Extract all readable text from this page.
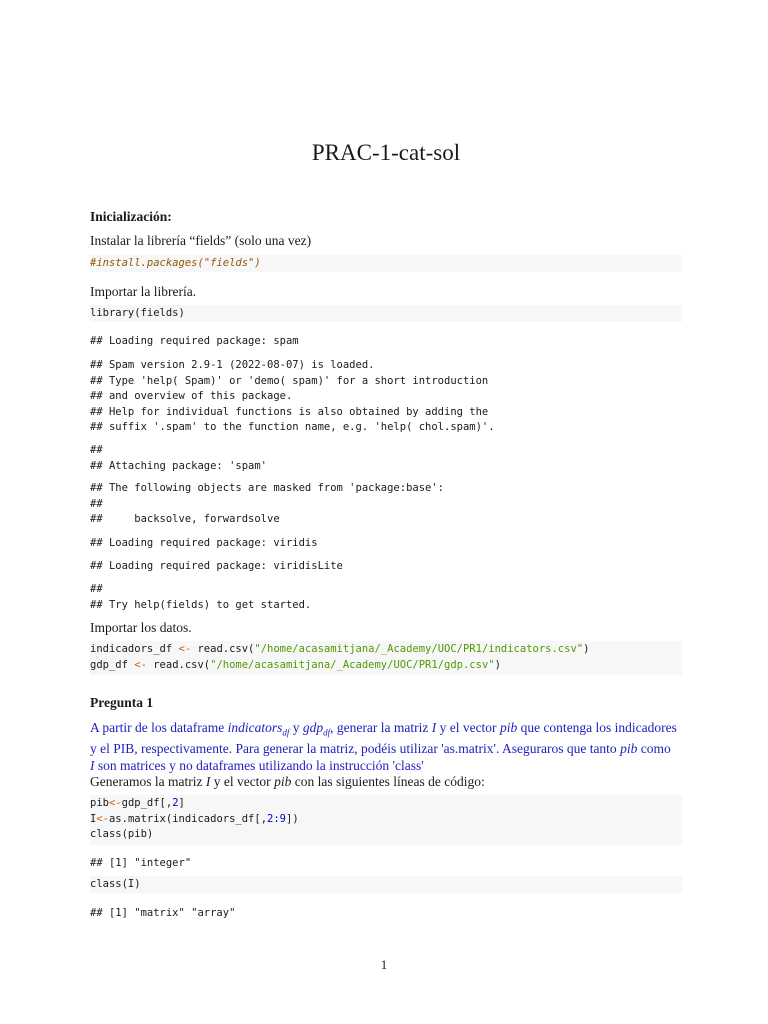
PRAC-1-cat-sol
Inicialización:
Instalar la librería “fields” (solo una vez)
#install.packages("fields")
Importar la librería.
library(fields)
## Loading required package: spam
## Spam version 2.9-1 (2022-08-07) is loaded.
## Type 'help( Spam)' or 'demo( spam)' for a short introduction
## and overview of this package.
## Help for individual functions is also obtained by adding the
## suffix '.spam' to the function name, e.g. 'help( chol.spam)'.
##
## Attaching package: 'spam'
## The following objects are masked from 'package:base':
##
##     backsolve, forwardsolve
## Loading required package: viridis
## Loading required package: viridisLite
##
## Try help(fields) to get started.
Importar los datos.
indicadors_df <- read.csv("/home/acasamitjana/_Academy/UOC/PR1/indicators.csv")
gdp_df <- read.csv("/home/acasamitjana/_Academy/UOC/PR1/gdp.csv")
Pregunta 1
A partir de los dataframe indicators$_{df}$ y gdp$_{df}$, generar la matriz I y el vector pib que contenga los indicadores
y el PIB, respectivamente. Para generar la matriz, podéis utilizar 'as.matrix'. Aseguraros que tanto pib como
I son matrices y no dataframes utilizando la instrucción 'class'
Generamos la matriz I y el vector pib con las siguientes líneas de código:
pib<-gdp_df[,2]
I<-as.matrix(indicadors_df[,2:9])
class(pib)
## [1] "integer"
class(I)
## [1] "matrix" "array"
1
